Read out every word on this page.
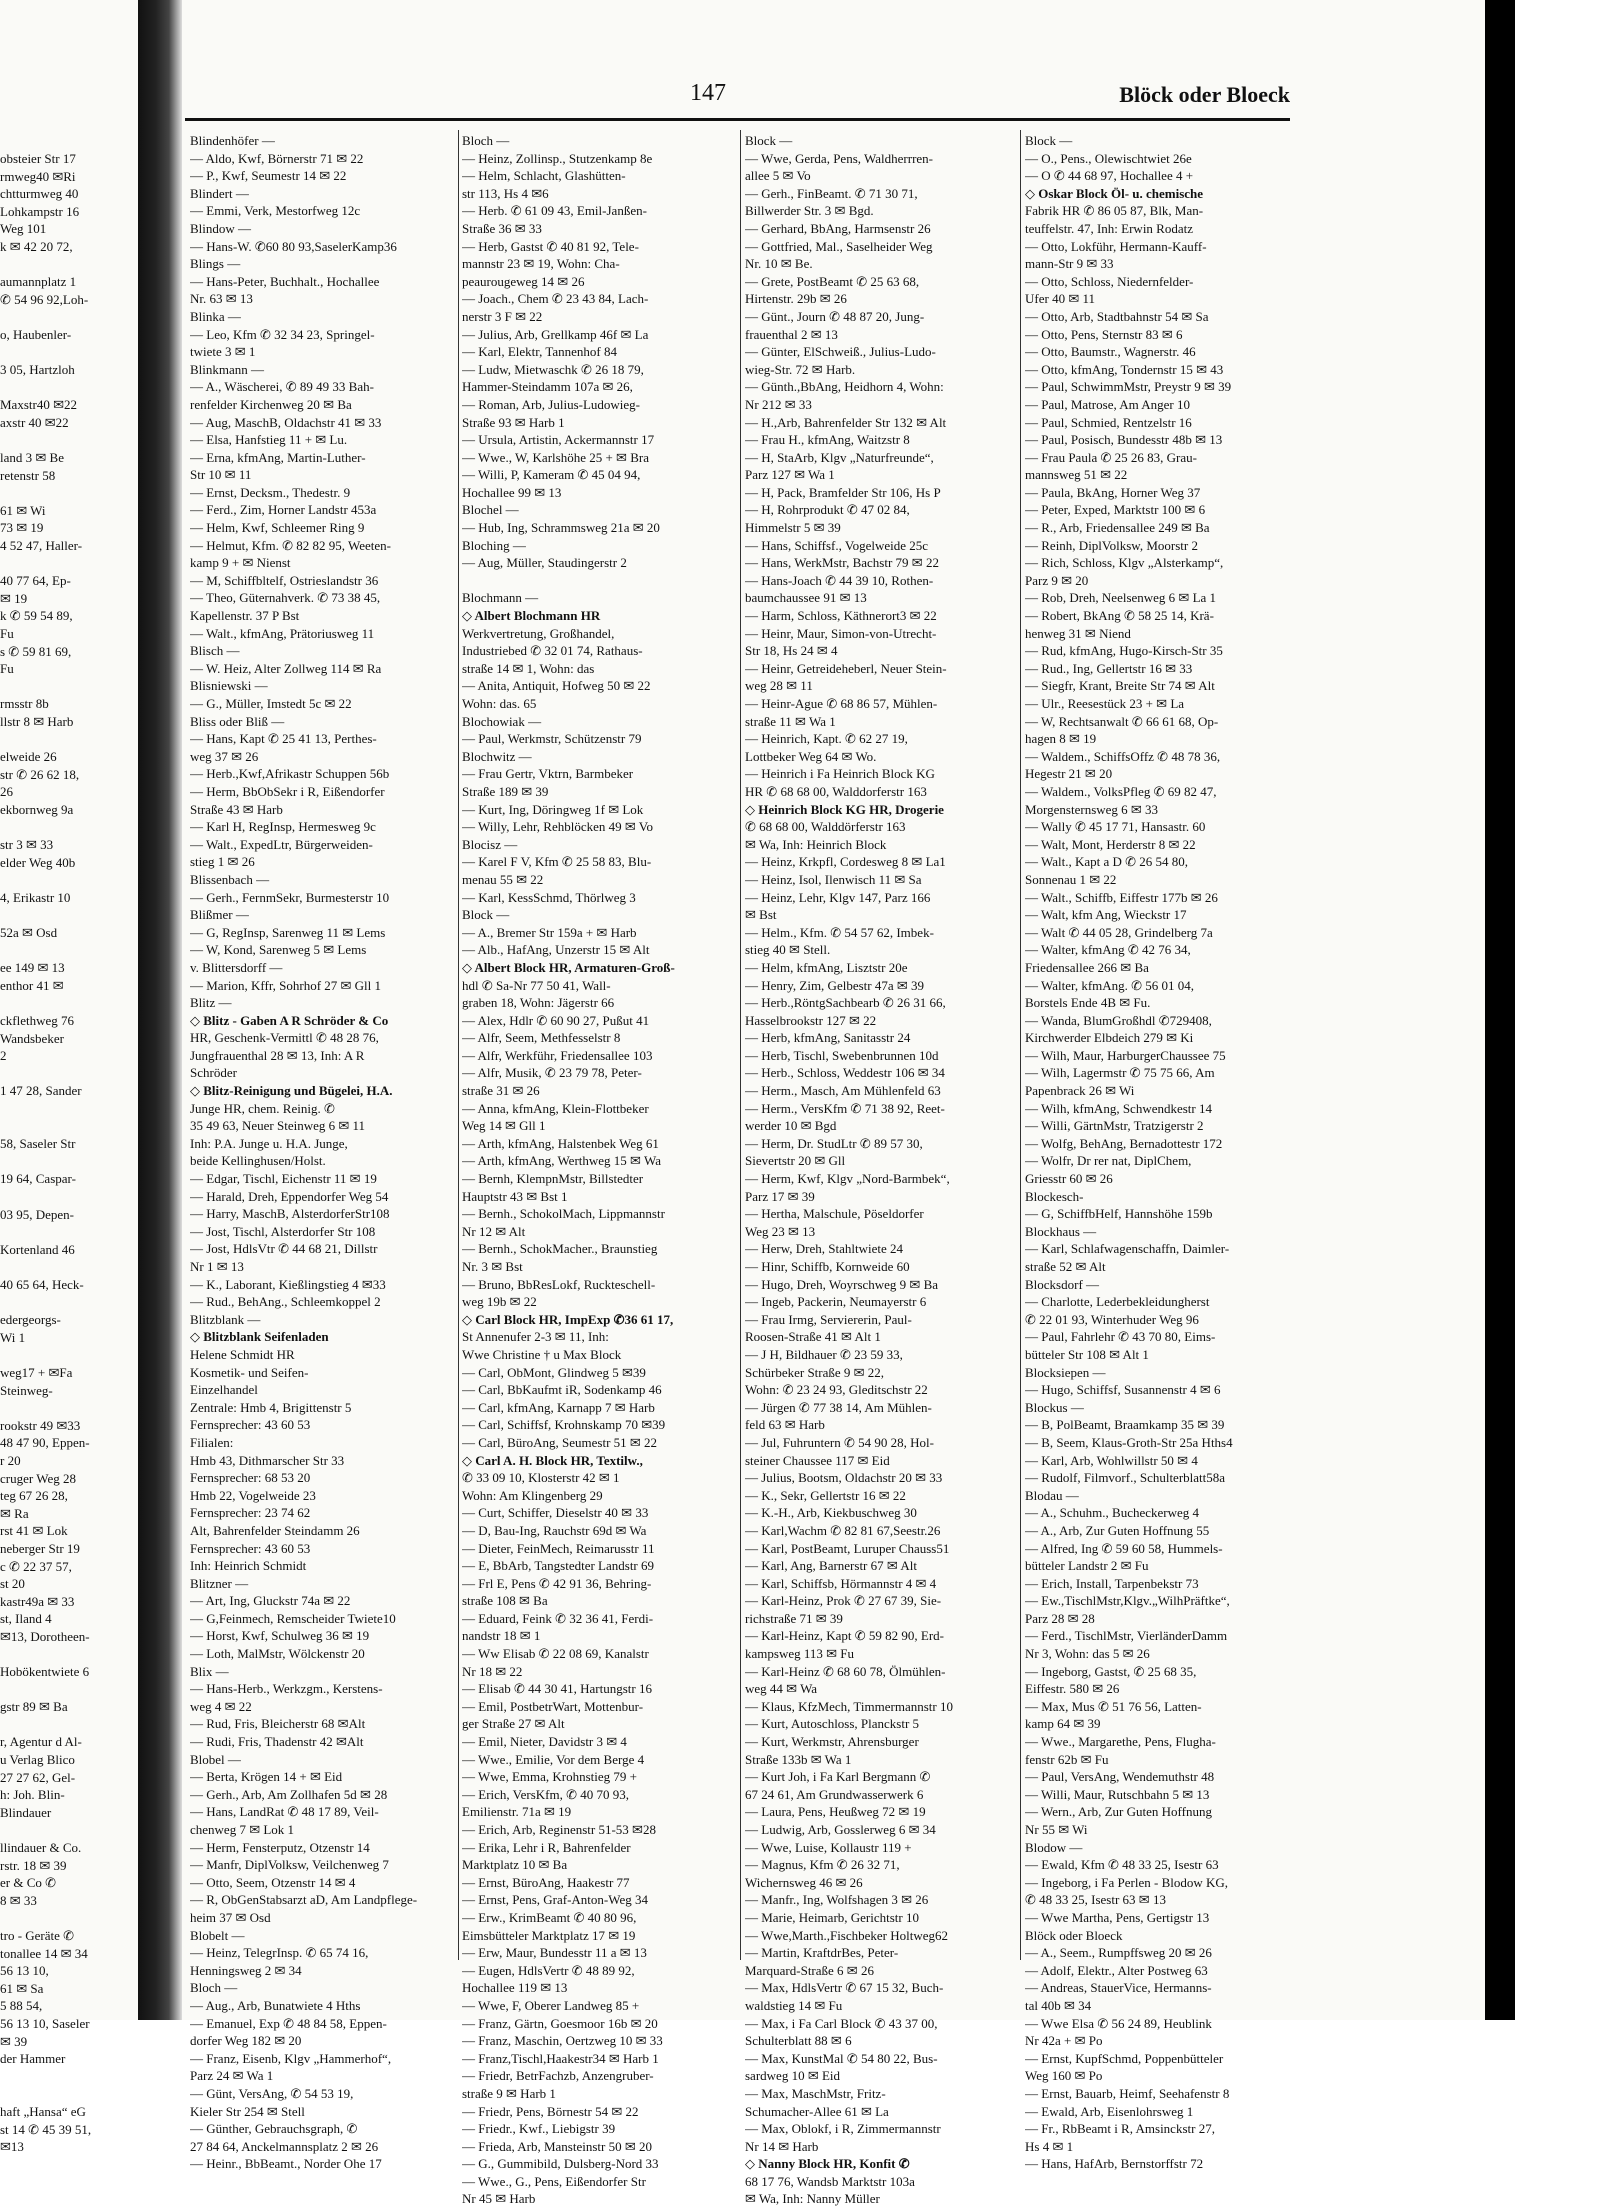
obsteier Str 17
rmweg40 ✉Ri
chtturmweg 40
Lohkampstr 16
Weg 101
k ✉ 42 20 72,
aumannplatz 1
✆ 54 96 92,Loh-
o, Haubenler-
3 05, Hartzloh
Maxstr40 ✉22
axstr 40 ✉22
land 3 ✉ Be
retenstr 58
61 ✉ Wi
73 ✉ 19
4 52 47, Haller-
40 77 64, Ep-
✉ 19
k ✆ 59 54 89,
Fu
s ✆ 59 81 69,
Fu
rmsstr 8b
llstr 8 ✉ Harb
elweide 26
str ✆ 26 62 18,
26
ekbornweg 9a
str 3 ✉ 33
elder Weg 40b
4, Erikastr 10
52a ✉ Osd
ee 149 ✉ 13
enthor 41 ✉
ckflethweg 76
Wandsbeker
2
1 47 28, Sander
58, Saseler Str
19 64, Caspar-
03 95, Depen-
Kortenland 46
40 65 64, Heck-
edergeorgs-
Wi 1
weg17 + ✉Fa
Steinweg-
rookstr 49 ✉33
48 47 90, Eppen-
r 20
cruger Weg 28
teg 67 26 28,
✉ Ra
rst 41 ✉ Lok
neberger Str 19
c ✆ 22 37 57,
st 20
kastr49a ✉ 33
st, Iland 4
✉13, Dorotheen-
Hobökentwiete 6
gstr 89 ✉ Ba
r, Agentur d Al-
u Verlag Blico
27 27 62, Gel-
h: Joh. Blin-
Blindauer
llindauer & Co.
rstr. 18 ✉ 39
er & Co ✆
8 ✉ 33
tro - Geräte ✆
tonallee 14 ✉ 34
56 13 10,
61 ✉ Sa
5 88 54,
56 13 10, Saseler
✉ 39
der Hammer
haft „Hansa“ eG
st 14 ✆ 45 39 51,
✉13
147	Blöck oder Bloeck
Blindenhöfer —
— Aldo, Kwf, Börnerstr 71 ✉ 22
— P., Kwf, Seumestr 14 ✉ 22
Blindert —
— Emmi, Verk, Mestorfweg 12c
Blindow —
— Hans-W. ✆60 80 93,SaselerKamp36
Blings —
— Hans-Peter, Buchhalt., Hochallee
Nr. 63 ✉ 13
Blinka —
— Leo, Kfm ✆ 32 34 23, Springel-
twiete 3 ✉ 1
Blinkmann —
— A., Wäscherei, ✆ 89 49 33 Bah-
renfelder Kirchenweg 20 ✉ Ba
— Aug, MaschB, Oldachstr 41 ✉ 33
— Elsa, Hanfstieg 11 + ✉ Lu.
— Erna, kfmAng, Martin-Luther-
Str 10 ✉ 11
— Ernst, Decksm., Thedestr. 9
— Ferd., Zim, Horner Landstr 453a
— Helm, Kwf, Schleemer Ring 9
— Helmut, Kfm. ✆ 82 82 95, Weeten-
kamp 9 + ✉ Nienst
— M, Schiffbltelf, Ostrieslandstr 36
— Theo, Güternahverk. ✆ 73 38 45,
Kapellenstr. 37 P Bst
— Walt., kfmAng, Prätoriusweg 11
Blisch —
— W. Heiz, Alter Zollweg 114 ✉ Ra
Blisniewski —
— G., Müller, Imstedt 5c ✉ 22
Bliss oder Bliß —
— Hans, Kapt ✆ 25 41 13, Perthes-
weg 37 ✉ 26
— Herb.,Kwf,Afrikastr Schuppen 56b
— Herm, BbObSekr i R, Eißendorfer
Straße 43 ✉ Harb
— Karl H, RegInsp, Hermesweg 9c
— Walt., ExpedLtr, Bürgerweiden-
stieg 1 ✉ 26
Blissenbach —
— Gerh., FernmSekr, Burmesterstr 10
Blißmer —
— G, RegInsp, Sarenweg 11 ✉ Lems
— W, Kond, Sarenweg 5 ✉ Lems
v. Blittersdorff —
— Marion, Kffr, Sohrhof 27 ✉ Gll 1
Blitz —
◇ Blitz - Gaben A R Schröder & Co
HR, Geschenk-Vermittl ✆ 48 28 76,
Jungfrauenthal 28 ✉ 13, Inh: A R
Schröder
◇ Blitz-Reinigung und Bügelei, H.A.
Junge HR, chem. Reinig. ✆
35 49 63, Neuer Steinweg 6 ✉ 11
Inh: P.A. Junge u. H.A. Junge,
beide Kellinghusen/Holst.
— Edgar, Tischl, Eichenstr 11 ✉ 19
— Harald, Dreh, Eppendorfer Weg 54
— Harry, MaschB, AlsterdorferStr108
— Jost, Tischl, Alsterdorfer Str 108
— Jost, HdlsVtr ✆ 44 68 21, Dillstr
Nr 1 ✉ 13
— K., Laborant, Kießlingstieg 4 ✉33
— Rud., BehAng., Schleemkoppel 2
Blitzblank —
◇ Blitzblank Seifenladen
Helene Schmidt HR
Kosmetik- und Seifen-
Einzelhandel
Zentrale: Hmb 4, Brigittenstr 5
Fernsprecher: 43 60 53
Filialen:
Hmb 43, Dithmarscher Str 33
Fernsprecher: 68 53 20
Hmb 22, Vogelweide 23
Fernsprecher: 23 74 62
Alt, Bahrenfelder Steindamm 26
Fernsprecher: 43 60 53
Inh: Heinrich Schmidt
Blitzner —
— Art, Ing, Gluckstr 74a ✉ 22
— G,Feinmech, Remscheider Twiete10
— Horst, Kwf, Schulweg 36 ✉ 19
— Loth, MalMstr, Wölckenstr 20
Blix —
— Hans-Herb., Werkzgm., Kerstens-
weg 4 ✉ 22
— Rud, Fris, Bleicherstr 68 ✉Alt
— Rudi, Fris, Thadenstr 42 ✉Alt
Blobel —
— Berta, Krögen 14 + ✉ Eid
— Gerh., Arb, Am Zollhafen 5d ✉ 28
— Hans, LandRat ✆ 48 17 89, Veil-
chenweg 7 ✉ Lok 1
— Herm, Fensterputz, Otzenstr 14
— Manfr, DiplVolksw, Veilchenweg 7
— Otto, Seem, Otzenstr 14 ✉ 4
— R, ObGenStabsarzt aD, Am Landpflege-
heim 37 ✉ Osd
Blobelt —
— Heinz, TelegrInsp. ✆ 65 74 16,
Henningsweg 2 ✉ 34
Bloch —
— Aug., Arb, Bunatwiete 4 Hths
— Emanuel, Exp ✆ 48 84 58, Eppen-
dorfer Weg 182 ✉ 20
— Franz, Eisenb, Klgv „Hammerhof“,
Parz 24 ✉ Wa 1
— Günt, VersAng, ✆ 54 53 19,
Kieler Str 254 ✉ Stell
— Günther, Gebrauchsgraph, ✆
27 84 64, Anckelmannsplatz 2 ✉ 26
— Heinr., BbBeamt., Norder Ohe 17
Bloch —
— Heinz, Zollinsp., Stutzenkamp 8e
— Helm, Schlacht, Glashütten-
str 113, Hs 4 ✉6
— Herb. ✆ 61 09 43, Emil-Janßen-
Straße 36 ✉ 33
— Herb, Gastst ✆ 40 81 92, Tele-
mannstr 23 ✉ 19, Wohn: Cha-
peaurougeweg 14 ✉ 26
— Joach., Chem ✆ 23 43 84, Lach-
nerstr 3 F ✉ 22
— Julius, Arb, Grellkamp 46f ✉ La
— Karl, Elektr, Tannenhof 84
— Ludw, Mietwaschk ✆ 26 18 79,
Hammer-Steindamm 107a ✉ 26,
— Roman, Arb, Julius-Ludowieg-
Straße 93 ✉ Harb 1
— Ursula, Artistin, Ackermannstr 17
— Wwe., W, Karlshöhe 25 + ✉ Bra
— Willi, P, Kameram ✆ 45 04 94,
Hochallee 99 ✉ 13
Blochel —
— Hub, Ing, Schrammsweg 21a ✉ 20
Bloching —
— Aug, Müller, Staudingerstr 2
Blochmann —
◇ Albert Blochmann HR
Werkvertretung, Großhandel,
Industriebed ✆ 32 01 74, Rathaus-
straße 14 ✉ 1, Wohn: das
— Anita, Antiquit, Hofweg 50 ✉ 22
Wohn: das. 65
Blochowiak —
— Paul, Werkmstr, Schützenstr 79
Blochwitz —
— Frau Gertr, Vktrn, Barmbeker
Straße 189 ✉ 39
— Kurt, Ing, Döringweg 1f ✉ Lok
— Willy, Lehr, Rehblöcken 49 ✉ Vo
Blocisz —
— Karel F V, Kfm ✆ 25 58 83, Blu-
menau 55 ✉ 22
— Karl, KessSchmd, Thörlweg 3
Block —
— A., Bremer Str 159a + ✉ Harb
— Alb., HafAng, Unzerstr 15 ✉ Alt
◇ Albert Block HR, Armaturen-Groß-
hdl ✆ Sa-Nr 77 50 41, Wall-
graben 18, Wohn: Jägerstr 66
— Alex, Hdlr ✆ 60 90 27, Pußut 41
— Alfr, Seem, Methfesselstr 8
— Alfr, Werkführ, Friedensallee 103
— Alfr, Musik, ✆ 23 79 78, Peter-
straße 31 ✉ 26
— Anna, kfmAng, Klein-Flottbeker
Weg 14 ✉ Gll 1
— Arth, kfmAng, Halstenbek Weg 61
— Arth, kfmAng, Werthweg 15 ✉ Wa
— Bernh, KlempnMstr, Billstedter
Hauptstr 43 ✉ Bst 1
— Bernh., SchokolMach, Lippmannstr
Nr 12 ✉ Alt
— Bernh., SchokMacher., Braunstieg
Nr. 3 ✉ Bst
— Bruno, BbResLokf, Ruckteschell-
weg 19b ✉ 22
◇ Carl Block HR, ImpExp ✆36 61 17,
St Annenufer 2-3 ✉ 11, Inh:
Wwe Christine † u Max Block
— Carl, ObMont, Glindweg 5 ✉39
— Carl, BbKaufmt iR, Sodenkamp 46
— Carl, kfmAng, Karnapp 7 ✉ Harb
— Carl, Schiffsf, Krohnskamp 70 ✉39
— Carl, BüroAng, Seumestr 51 ✉ 22
◇ Carl A. H. Block HR, Textilw.,
✆ 33 09 10, Klosterstr 42 ✉ 1
Wohn: Am Klingenberg 29
— Curt, Schiffer, Dieselstr 40 ✉ 33
— D, Bau-Ing, Rauchstr 69d ✉ Wa
— Dieter, FeinMech, Reimarusstr 11
— E, BbArb, Tangstedter Landstr 69
— Frl E, Pens ✆ 42 91 36, Behring-
straße 108 ✉ Ba
— Eduard, Feink ✆ 32 36 41, Ferdi-
nandstr 18 ✉ 1
— Ww Elisab ✆ 22 08 69, Kanalstr
Nr 18 ✉ 22
— Elisab ✆ 44 30 41, Hartungstr 16
— Emil, PostbetrWart, Mottenbur-
ger Straße 27 ✉ Alt
— Emil, Nieter, Davidstr 3 ✉ 4
— Wwe., Emilie, Vor dem Berge 4
— Wwe, Emma, Krohnstieg 79 +
— Erich, VersKfm, ✆ 40 70 93,
Emilienstr. 71a ✉ 19
— Erich, Arb, Reginenstr 51-53 ✉28
— Erika, Lehr i R, Bahrenfelder
Marktplatz 10 ✉ Ba
— Ernst, BüroAng, Haakestr 77
— Ernst, Pens, Graf-Anton-Weg 34
— Erw., KrimBeamt ✆ 40 80 96,
Eimsbütteler Marktplatz 17 ✉ 19
— Erw, Maur, Bundesstr 11 a ✉ 13
— Eugen, HdlsVertr ✆ 48 89 92,
Hochallee 119 ✉ 13
— Wwe, F, Oberer Landweg 85 +
— Franz, Gärtn, Goesmoor 16b ✉ 20
— Franz, Maschin, Oertzweg 10 ✉ 33
— Franz,Tischl,Haakestr34 ✉ Harb 1
— Friedr, BetrFachzb, Anzengruber-
straße 9 ✉ Harb 1
— Friedr, Pens, Börnestr 54 ✉ 22
— Friedr., Kwf., Liebigstr 39
— Frieda, Arb, Mansteinstr 50 ✉ 20
— G., Gummibild, Dulsberg-Nord 33
— Wwe., G., Pens, Eißendorfer Str
Nr 45 ✉ Harb
Block —
— Wwe, Gerda, Pens, Waldherrren-
allee 5 ✉ Vo
— Gerh., FinBeamt. ✆ 71 30 71,
Billwerder Str. 3 ✉ Bgd.
— Gerhard, BbAng, Harmsenstr 26
— Gottfried, Mal., Saselheider Weg
Nr. 10 ✉ Be.
— Grete, PostBeamt ✆ 25 63 68,
Hirtenstr. 29b ✉ 26
— Günt., Journ ✆ 48 87 20, Jung-
frauenthal 2 ✉ 13
— Günter, ElSchweiß., Julius-Ludo-
wieg-Str. 72 ✉ Harb.
— Günth.,BbAng, Heidhorn 4, Wohn:
Nr 212 ✉ 33
— H.,Arb, Bahrenfelder Str 132 ✉ Alt
— Frau H., kfmAng, Waitzstr 8
— H, StaArb, Klgv „Naturfreunde“,
Parz 127 ✉ Wa 1
— H, Pack, Bramfelder Str 106, Hs P
— H, Rohrprodukt ✆ 47 02 84,
Himmelstr 5 ✉ 39
— Hans, Schiffsf., Vogelweide 25c
— Hans, WerkMstr, Bachstr 79 ✉ 22
— Hans-Joach ✆ 44 39 10, Rothen-
baumchaussee 91 ✉ 13
— Harm, Schloss, Käthnerort3 ✉ 22
— Heinr, Maur, Simon-von-Utrecht-
Str 18, Hs 24 ✉ 4
— Heinr, Getreideheberl, Neuer Stein-
weg 28 ✉ 11
— Heinr-Ague ✆ 68 86 57, Mühlen-
straße 11 ✉ Wa 1
— Heinrich, Kapt. ✆ 62 27 19,
Lottbeker Weg 64 ✉ Wo.
— Heinrich i Fa Heinrich Block KG
HR ✆ 68 68 00, Walddorferstr 163
◇ Heinrich Block KG HR, Drogerie
✆ 68 68 00, Walddörferstr 163
✉ Wa, Inh: Heinrich Block
— Heinz, Krkpfl, Cordesweg 8 ✉ La1
— Heinz, Isol, Ilenwisch 11 ✉ Sa
— Heinz, Lehr, Klgv 147, Parz 166
✉ Bst
— Helm., Kfm. ✆ 54 57 62, Imbek-
stieg 40 ✉ Stell.
— Helm, kfmAng, Lisztstr 20e
— Henry, Zim, Gelbestr 47a ✉ 39
— Herb.,RöntgSachbearb ✆ 26 31 66,
Hasselbrookstr 127 ✉ 22
— Herb, kfmAng, Sanitasstr 24
— Herb, Tischl, Swebenbrunnen 10d
— Herb., Schloss, Weddestr 106 ✉ 34
— Herm., Masch, Am Mühlenfeld 63
— Herm., VersKfm ✆ 71 38 92, Reet-
werder 10 ✉ Bgd
— Herm, Dr. StudLtr ✆ 89 57 30,
Sievertstr 20 ✉ Gll
— Herm, Kwf, Klgv „Nord-Barmbek“,
Parz 17 ✉ 39
— Hertha, Malschule, Pöseldorfer
Weg 23 ✉ 13
— Herw, Dreh, Stahltwiete 24
— Hinr, Schiffb, Kornweide 60
— Hugo, Dreh, Woyrschweg 9 ✉ Ba
— Ingeb, Packerin, Neumayerstr 6
— Frau Irmg, Serviererin, Paul-
Roosen-Straße 41 ✉ Alt 1
— J H, Bildhauer ✆ 23 59 33,
Schürbeker Straße 9 ✉ 22,
Wohn: ✆ 23 24 93, Gleditschstr 22
— Jürgen ✆ 77 38 14, Am Mühlen-
feld 63 ✉ Harb
— Jul, Fuhruntern ✆ 54 90 28, Hol-
steiner Chaussee 117 ✉ Eid
— Julius, Bootsm, Oldachstr 20 ✉ 33
— K., Sekr, Gellertstr 16 ✉ 22
— K.-H., Arb, Kiekbuschweg 30
— Karl,Wachm ✆ 82 81 67,Seestr.26
— Karl, PostBeamt, Luruper Chauss51
— Karl, Ang, Barnerstr 67 ✉ Alt
— Karl, Schiffsb, Hörmannstr 4 ✉ 4
— Karl-Heinz, Prok ✆ 27 67 39, Sie-
richstraße 71 ✉ 39
— Karl-Heinz, Kapt ✆ 59 82 90, Erd-
kampsweg 113 ✉ Fu
— Karl-Heinz ✆ 68 60 78, Ölmühlen-
weg 44 ✉ Wa
— Klaus, KfzMech, Timmermannstr 10
— Kurt, Autoschloss, Planckstr 5
— Kurt, Werkmstr, Ahrensburger
Straße 133b ✉ Wa 1
— Kurt Joh, i Fa Karl Bergmann ✆
67 24 61, Am Grundwasserwerk 6
— Laura, Pens, Heußweg 72 ✉ 19
— Ludwig, Arb, Gosslerweg 6 ✉ 34
— Wwe, Luise, Kollaustr 119 +
— Magnus, Kfm ✆ 26 32 71,
Wichernsweg 46 ✉ 26
— Manfr., Ing, Wolfshagen 3 ✉ 26
— Marie, Heimarb, Gerichtstr 10
— Wwe,Marth.,Fischbeker Holtweg62
— Martin, KraftdrBes, Peter-
Marquard-Straße 6 ✉ 26
— Max, HdlsVertr ✆ 67 15 32, Buch-
waldstieg 14 ✉ Fu
— Max, i Fa Carl Block ✆ 43 37 00,
Schulterblatt 88 ✉ 6
— Max, KunstMal ✆ 54 80 22, Bus-
sardweg 10 ✉ Eid
— Max, MaschMstr, Fritz-
Schumacher-Allee 61 ✉ La
— Max, Oblokf, i R, Zimmermannstr
Nr 14 ✉ Harb
◇ Nanny Block HR, Konfit ✆
68 17 76, Wandsb Marktstr 103a
✉ Wa, Inh: Nanny Müller
Block —
— O., Pens., Olewischtwiet 26e
— O ✆ 44 68 97, Hochallee 4 +
◇ Oskar Block Öl- u. chemische
Fabrik HR ✆ 86 05 87, Blk, Man-
teuffelstr. 47, Inh: Erwin Rodatz
— Otto, Lokführ, Hermann-Kauff-
mann-Str 9 ✉ 33
— Otto, Schloss, Niedernfelder-
Ufer 40 ✉ 11
— Otto, Arb, Stadtbahnstr 54 ✉ Sa
— Otto, Pens, Sternstr 83 ✉ 6
— Otto, Baumstr., Wagnerstr. 46
— Otto, kfmAng, Tondernstr 15 ✉ 43
— Paul, SchwimmMstr, Preystr 9 ✉ 39
— Paul, Matrose, Am Anger 10
— Paul, Schmied, Rentzelstr 16
— Paul, Posisch, Bundesstr 48b ✉ 13
— Frau Paula ✆ 25 26 83, Grau-
mannsweg 51 ✉ 22
— Paula, BkAng, Horner Weg 37
— Peter, Exped, Marktstr 100 ✉ 6
— R., Arb, Friedensallee 249 ✉ Ba
— Reinh, DiplVolksw, Moorstr 2
— Rich, Schloss, Klgv „Alsterkamp“,
Parz 9 ✉ 20
— Rob, Dreh, Neelsenweg 6 ✉ La 1
— Robert, BkAng ✆ 58 25 14, Krä-
henweg 31 ✉ Niend
— Rud, kfmAng, Hugo-Kirsch-Str 35
— Rud., Ing, Gellertstr 16 ✉ 33
— Siegfr, Krant, Breite Str 74 ✉ Alt
— Ulr., Reesestück 23 + ✉ La
— W, Rechtsanwalt ✆ 66 61 68, Op-
hagen 8 ✉ 19
— Waldem., SchiffsOffz ✆ 48 78 36,
Hegestr 21 ✉ 20
— Waldem., VolksPfleg ✆ 69 82 47,
Morgensternsweg 6 ✉ 33
— Wally ✆ 45 17 71, Hansastr. 60
— Walt, Mont, Herderstr 8 ✉ 22
— Walt., Kapt a D ✆ 26 54 80,
Sonnenau 1 ✉ 22
— Walt., Schiffb, Eiffestr 177b ✉ 26
— Walt, kfm Ang, Wieckstr 17
— Walt ✆ 44 05 28, Grindelberg 7a
— Walter, kfmAng ✆ 42 76 34,
Friedensallee 266 ✉ Ba
— Walter, kfmAng. ✆ 56 01 04,
Borstels Ende 4B ✉ Fu.
— Wanda, BlumGroßhdl ✆729408,
Kirchwerder Elbdeich 279 ✉ Ki
— Wilh, Maur, HarburgerChaussee 75
— Wilh, Lagermstr ✆ 75 75 66, Am
Papenbrack 26 ✉ Wi
— Wilh, kfmAng, Schwendkestr 14
— Willi, GärtnMstr, Tratzigerstr 2
— Wolfg, BehAng, Bernadottestr 172
— Wolfr, Dr rer nat, DiplChem,
Griesstr 60 ✉ 26
Blockesch-
— G, SchiffbHelf, Hannshöhe 159b
Blockhaus —
— Karl, Schlafwagenschaffn, Daimler-
straße 52 ✉ Alt
Blocksdorf —
— Charlotte, Lederbekleidungherst
✆ 22 01 93, Winterhuder Weg 96
— Paul, Fahrlehr ✆ 43 70 80, Eims-
bütteler Str 108 ✉ Alt 1
Blocksiepen —
— Hugo, Schiffsf, Susannenstr 4 ✉ 6
Blockus —
— B, PolBeamt, Braamkamp 35 ✉ 39
— B, Seem, Klaus-Groth-Str 25a Hths4
— Karl, Arb, Wohlwillstr 50 ✉ 4
— Rudolf, Filmvorf., Schulterblatt58a
Blodau —
— A., Schuhm., Bucheckerweg 4
— A., Arb, Zur Guten Hoffnung 55
— Alfred, Ing ✆ 59 60 58, Hummels-
bütteler Landstr 2 ✉ Fu
— Erich, Install, Tarpenbekstr 73
— Ew.,TischlMstr,Klgv.„WilhPräftke“,
Parz 28 ✉ 28
— Ferd., TischlMstr, VierländerDamm
Nr 3, Wohn: das 5 ✉ 26
— Ingeborg, Gastst, ✆ 25 68 35,
Eiffestr. 580 ✉ 26
— Max, Mus ✆ 51 76 56, Latten-
kamp 64 ✉ 39
— Wwe., Margarethe, Pens, Flugha-
fenstr 62b ✉ Fu
— Paul, VersAng, Wendemuthstr 48
— Willi, Maur, Rutschbahn 5 ✉ 13
— Wern., Arb, Zur Guten Hoffnung
Nr 55 ✉ Wi
Blodow —
— Ewald, Kfm ✆ 48 33 25, Isestr 63
— Ingeborg, i Fa Perlen - Blodow KG,
✆ 48 33 25, Isestr 63 ✉ 13
— Wwe Martha, Pens, Gertigstr 13
Blöck oder Bloeck
— A., Seem., Rumpffsweg 20 ✉ 26
— Adolf, Elektr., Alter Postweg 63
— Andreas, StauerVice, Hermanns-
tal 40b ✉ 34
— Wwe Elsa ✆ 56 24 89, Heublink
Nr 42a + ✉ Po
— Ernst, KupfSchmd, Poppenbütteler
Weg 160 ✉ Po
— Ernst, Bauarb, Heimf, Seehafenstr 8
— Ewald, Arb, Eisenlohrsweg 1
— Fr., RbBeamt i R, Amsinckstr 27,
Hs 4 ✉ 1
— Hans, HafArb, Bernstorffstr 72
